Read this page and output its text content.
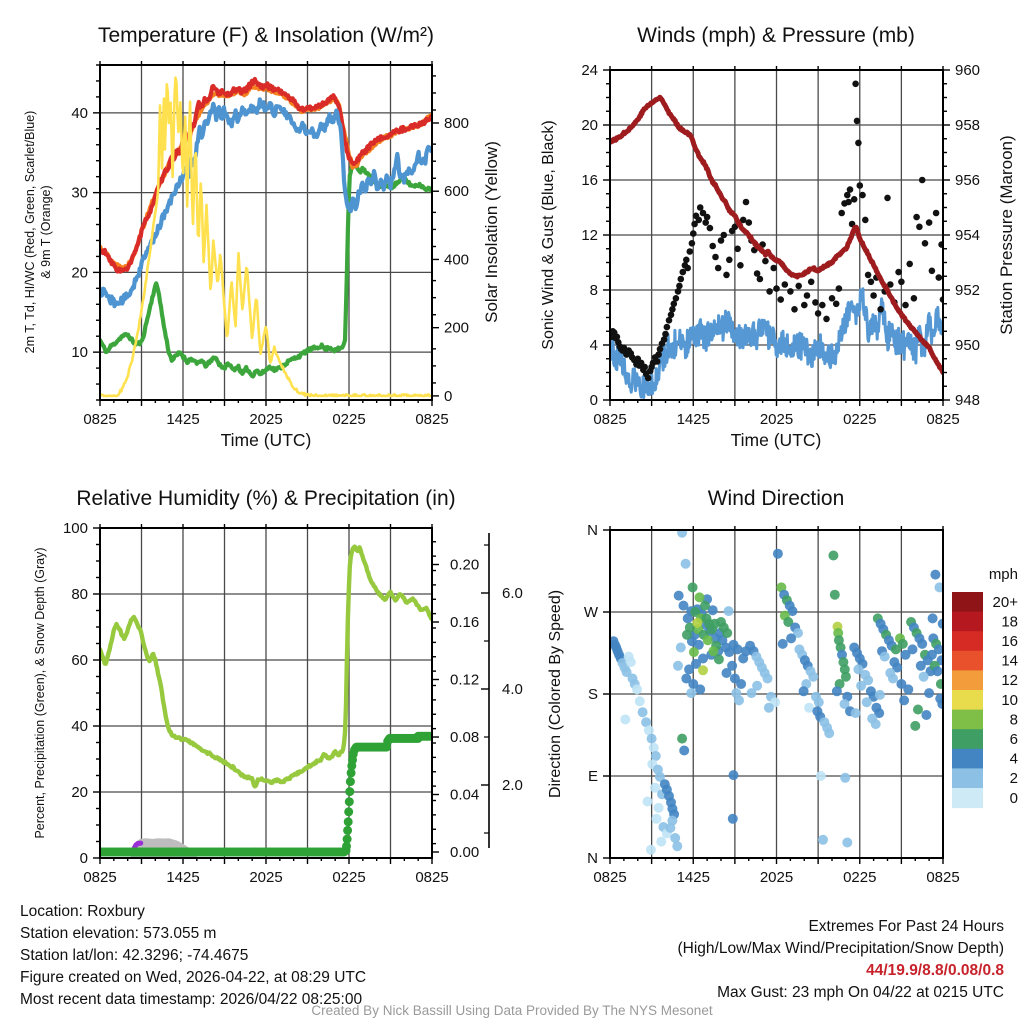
0825	1425	2025	0225	0825
10
20
30
40
0
200
400
600
800
0825	1425	2025	0225	0825
0
4
8
12
16
20
24
948
950
952
954
956
958
960
0825	1425	2025	0225	0825
0
20
40
60
80
100
0.00
0.04
0.08
0.12
0.16
0.20
2.0
4.0
6.0
0825	1425	2025	0225	0825
N
E
S
W
N
20+
18
16
14
12
10
8
6
4
2
0
Temperature (F) & Insolation (W/m²)	Winds (mph) & Pressure (mb)
Relative Humidity (%) & Precipitation (in)	Wind Direction
2m T, Td, HI/WC (Red, Green, Scarlet/Blue) & 9m T (Orange)	Solar Insolation (Yellow) Sonic Wind & Gust (Blue, Black)	Station Pressure (Maroon)
Percent, Precipitation (Green), & Snow Depth (Gray)	Direction (Colored By Speed)
Time (UTC)	Time (UTC)
mph
Location: Roxbury
Station elevation: 573.055 m
Station lat/lon: 42.3296; -74.4675
Figure created on Wed, 2026-04-22, at 08:29 UTC
Most recent data timestamp: 2026/04/22 08:25:00
Extremes For Past 24 Hours
(High/Low/Max Wind/Precipitation/Snow Depth)
44/19.9/8.8/0.08/0.8
Max Gust: 23 mph On 04/22 at 0215 UTC
Created By Nick Bassill Using Data Provided By The NYS Mesonet
